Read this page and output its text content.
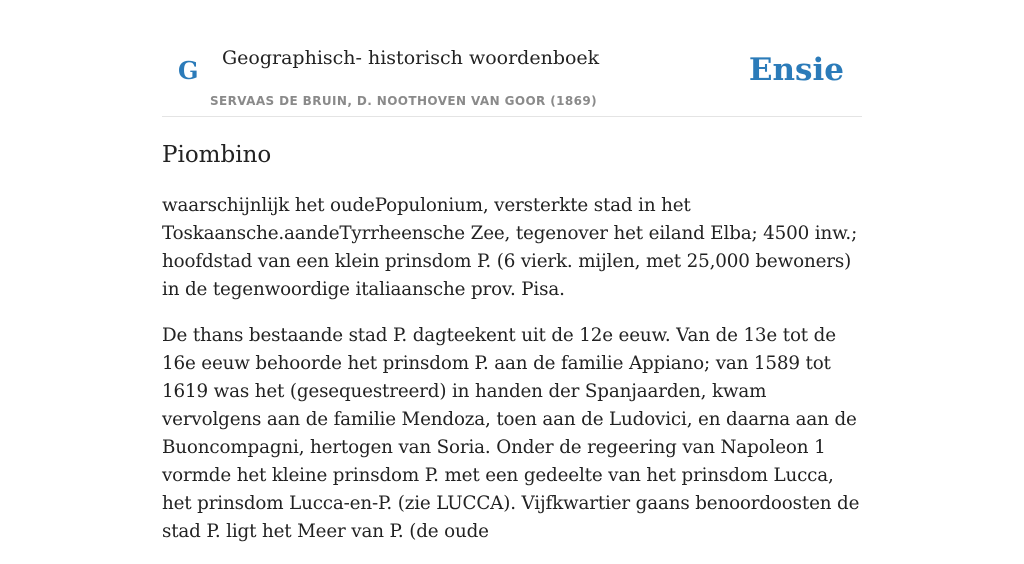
G Geographisch- historisch woordenboek
SERVAAS DE BRUIN, D. NOOTHOVEN VAN GOOR (1869)
Ensie
Piombino

waarschijnlijk het oudePopulonium, versterkte stad in het Toskaansche.aandeTyrrheensche Zee, tegenover het eiland Elba; 4500 inw.; hoofdstad van een klein prinsdom P. (6 vierk. mijlen, met 25,000 bewoners) in de tegenwoordige italiaansche prov. Pisa.

De thans bestaande stad P. dagteekent uit de 12e eeuw. Van de 13e tot de 16e eeuw behoorde het prinsdom P. aan de familie Appiano; van 1589 tot 1619 was het (gesequestreerd) in handen der Spanjaarden, kwam vervolgens aan de familie Mendoza, toen aan de Ludovici, en daarna aan de Buoncompagni, hertogen van Soria. Onder de regeering van Napoleon 1 vormde het kleine prinsdom P. met een gedeelte van het prinsdom Lucca, het prinsdom Lucca-en-P. (zie LUCCA). Vijfkwartier gaans benoordoosten de stad P. ligt het Meer van P. (de oude
